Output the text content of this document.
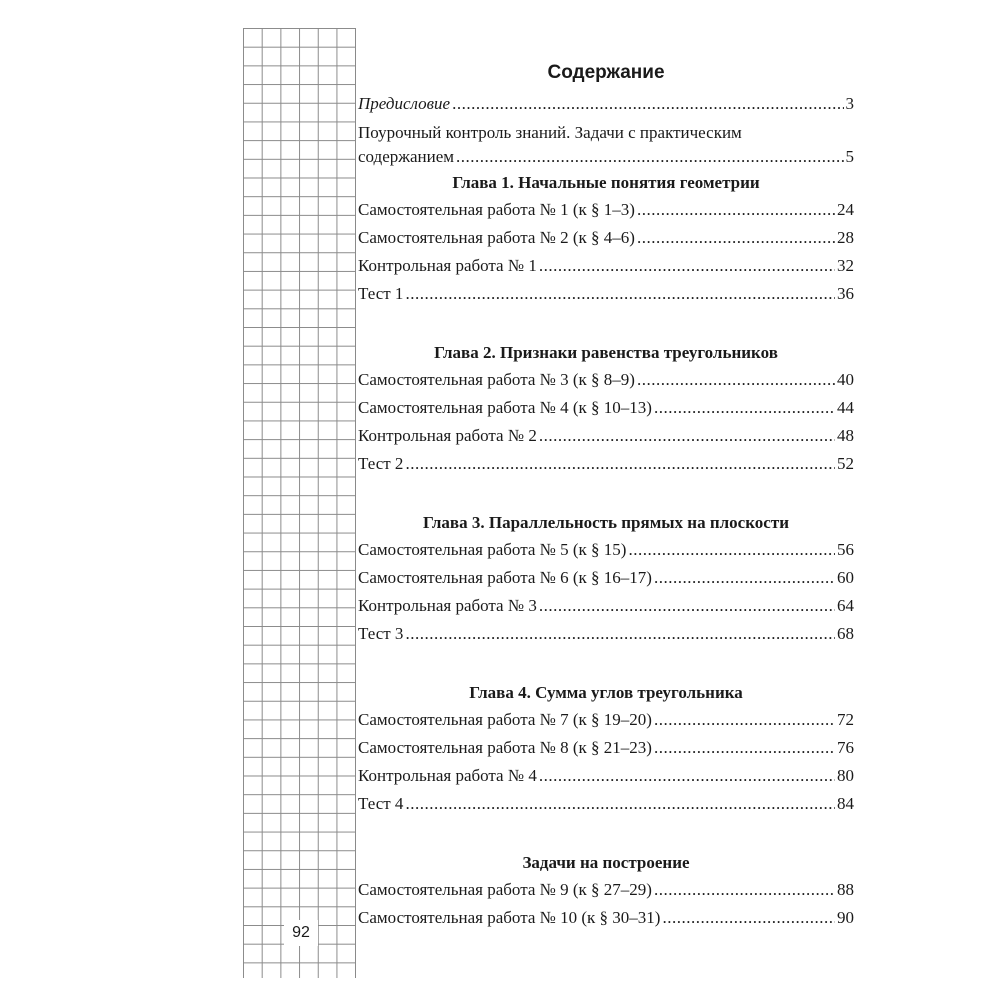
92
Содержание
Предисловие .....	3
Поурочный контроль знаний. Задачи с практическим
содержанием .....	5
Глава 1. Начальные понятия геометрии
Самостоятельная работа № 1 (к § 1–3) .....	24
Самостоятельная работа № 2 (к § 4–6) .....	28
Контрольная работа № 1 .....	32
Тест 1 .....	36
Глава 2. Признаки равенства треугольников
Самостоятельная работа № 3 (к § 8–9) .....	40
Самостоятельная работа № 4 (к § 10–13) .....	44
Контрольная работа № 2 .....	48
Тест 2 .....	52
Глава 3. Параллельность прямых на плоскости
Самостоятельная работа № 5 (к § 15) .....	56
Самостоятельная работа № 6 (к § 16–17) .....	60
Контрольная работа № 3 .....	64
Тест 3 .....	68
Глава 4. Сумма углов треугольника
Самостоятельная работа № 7 (к § 19–20) .....	72
Самостоятельная работа № 8 (к § 21–23) .....	76
Контрольная работа № 4 .....	80
Тест 4 .....	84
Задачи на построение
Самостоятельная работа № 9 (к § 27–29) .....	88
Самостоятельная работа № 10 (к § 30–31) .....	90
